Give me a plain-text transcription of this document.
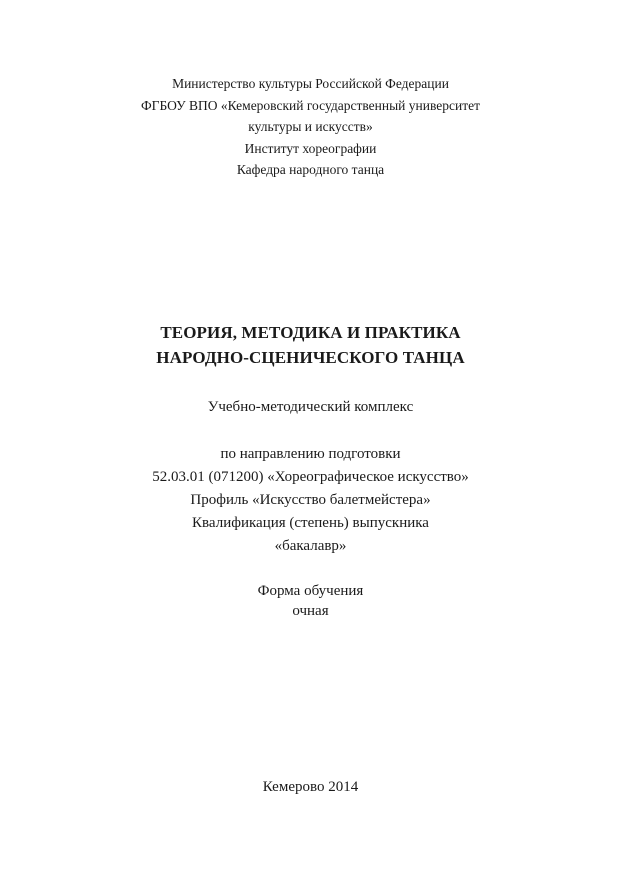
Министерство культуры Российской Федерации
ФГБОУ ВПО «Кемеровский государственный университет
культуры и искусств»
Институт хореографии
Кафедра народного танца
ТЕОРИЯ, МЕТОДИКА И ПРАКТИКА
НАРОДНО-СЦЕНИЧЕСКОГО ТАНЦА
Учебно-методический комплекс
по направлению подготовки
52.03.01 (071200) «Хореографическое искусство»
Профиль «Искусство балетмейстера»
Квалификация (степень) выпускника
«бакалавр»
Форма обучения
очная
Кемерово 2014
